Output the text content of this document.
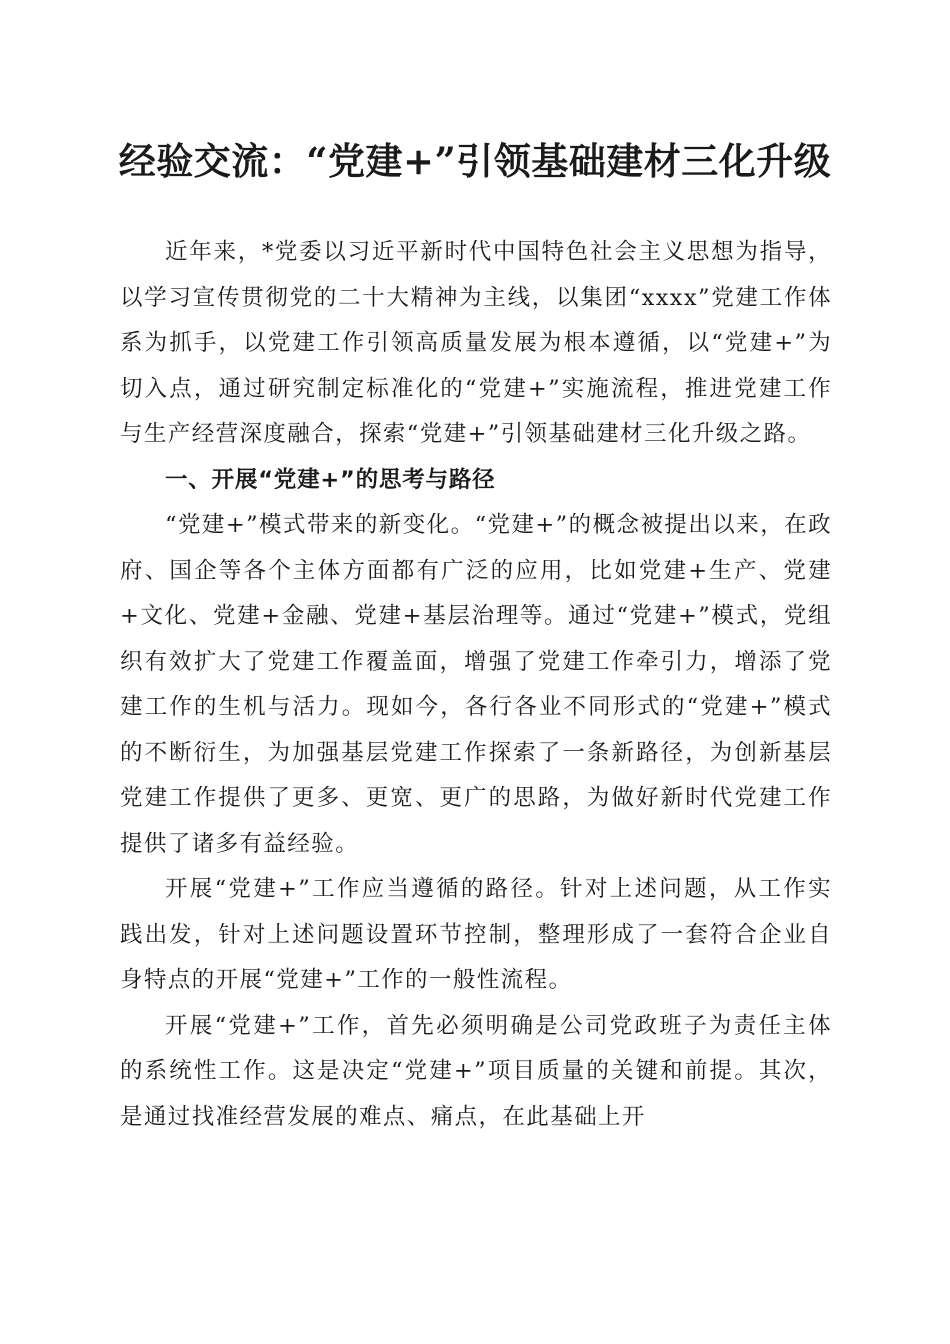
经验交流：“党建+”引领基础建材三化升级

近年来，*党委以习近平新时代中国特色社会主义思想为指导，以学习宣传贯彻党的二十大精神为主线，以集团“xxxx”党建工作体系为抓手，以党建工作引领高质量发展为根本遵循，以“党建+”为切入点，通过研究制定标准化的“党建+”实施流程，推进党建工作与生产经营深度融合，探索“党建+”引领基础建材三化升级之路。

一、开展“党建+”的思考与路径

“党建+”模式带来的新变化。“党建+”的概念被提出以来，在政府、国企等各个主体方面都有广泛的应用，比如党建+生产、党建+文化、党建+金融、党建+基层治理等。通过“党建+”模式，党组织有效扩大了党建工作覆盖面，增强了党建工作牵引力，增添了党建工作的生机与活力。现如今，各行各业不同形式的“党建+”模式的不断衍生，为加强基层党建工作探索了一条新路径，为创新基层党建工作提供了更多、更宽、更广的思路，为做好新时代党建工作提供了诸多有益经验。

开展“党建+”工作应当遵循的路径。针对上述问题，从工作实践出发，针对上述问题设置环节控制，整理形成了一套符合企业自身特点的开展“党建+”工作的一般性流程。

开展“党建+”工作，首先必须明确是公司党政班子为责任主体的系统性工作。这是决定“党建+”项目质量的关键和前提。其次，是通过找准经营发展的难点、痛点，在此基础上开
